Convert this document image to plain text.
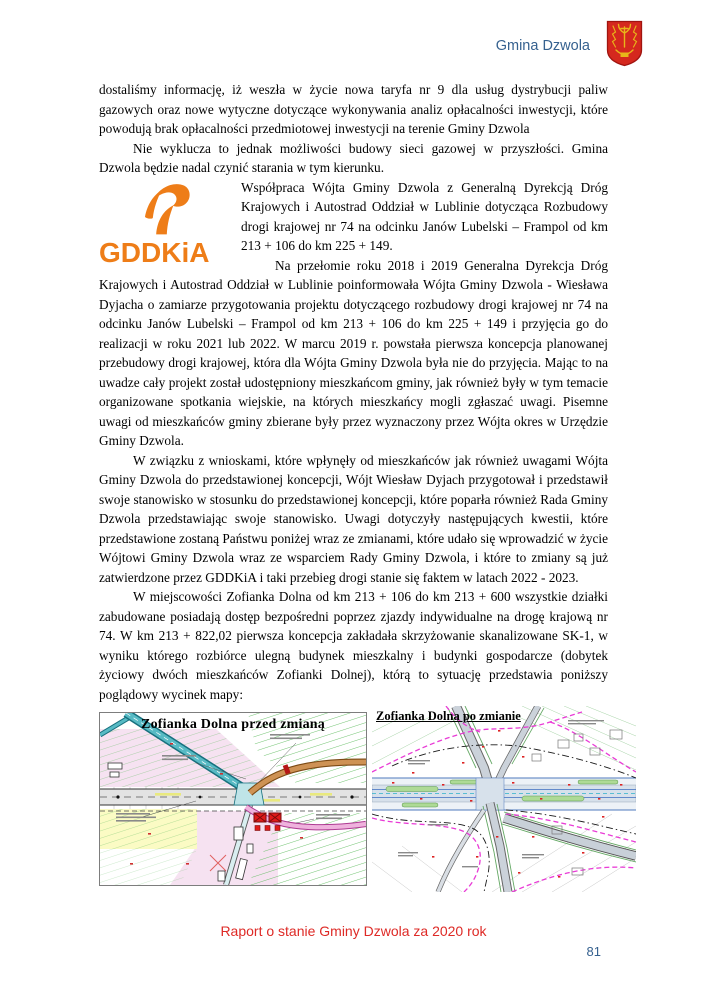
Gmina Dzwola

dostaliśmy informację, iż weszła w życie nowa taryfa nr 9 dla usług dystrybucji paliw gazowych oraz nowe wytyczne dotyczące wykonywania analiz opłacalności inwestycji, które powodują brak opłacalności przedmiotowej inwestycji na terenie Gminy Dzwola

Nie wyklucza to jednak możliwości budowy sieci gazowej w przyszłości. Gmina Dzwola będzie nadal czynić starania w tym kierunku.

GDDKiA

Współpraca Wójta Gminy Dzwola z Generalną Dyrekcją Dróg Krajowych i Autostrad Oddział w Lublinie dotycząca Rozbudowy drogi krajowej nr 74 na odcinku Janów Lubelski – Frampol od km 213 + 106 do km 225 + 149.

Na przełomie roku 2018 i 2019 Generalna Dyrekcja Dróg Krajowych i Autostrad Oddział w Lublinie poinformowała Wójta Gminy Dzwola - Wiesława Dyjacha o zamiarze przygotowania projektu dotyczącego rozbudowy drogi krajowej nr 74 na odcinku Janów Lubelski – Frampol od km 213 + 106 do km 225 + 149 i przyjęcia go do realizacji w roku 2021 lub 2022. W marcu 2019 r. powstała pierwsza koncepcja planowanej przebudowy drogi krajowej, która dla Wójta Gminy Dzwola była nie do przyjęcia. Mając to na uwadze cały projekt został udostępniony mieszkańcom gminy, jak również były w tym temacie organizowane spotkania wiejskie, na których mieszkańcy mogli zgłaszać uwagi. Pisemne uwagi od mieszkańców gminy zbierane były przez wyznaczony przez Wójta okres w Urzędzie Gminy Dzwola.

W związku z wnioskami, które wpłynęły od mieszkańców jak również uwagami Wójta Gminy Dzwola do przedstawionej koncepcji, Wójt Wiesław Dyjach przygotował i przedstawił swoje stanowisko w stosunku do przedstawionej koncepcji, które poparła również Rada Gminy Dzwola przedstawiając swoje stanowisko. Uwagi dotyczyły następujących kwestii, które przedstawione zostaną Państwu poniżej wraz ze zmianami, które udało się wprowadzić w życie Wójtowi Gminy Dzwola wraz ze wsparciem Rady Gminy Dzwola, i które to zmiany są już zatwierdzone przez GDDKiA i taki przebieg drogi stanie się faktem w latach 2022 - 2023.

W miejscowości Zofianka Dolna od km 213 + 106 do km 213 + 600 wszystkie działki zabudowane posiadają dostęp bezpośredni poprzez zjazdy indywidualne na drogę krajową nr 74. W km 213 + 822,02 pierwsza koncepcja zakładała skrzyżowanie skanalizowane SK-1, w wyniku którego rozbiórce ulegną budynek mieszkalny i budynki gospodarcze (dobytek życiowy dwóch mieszkańców Zofianki Dolnej), którą to sytuację przedstawia poniższy poglądowy wycinek mapy:

Zofianka Dolna przed zmianą
Zofianka Dolna po zmianie
Raport o stanie Gminy Dzwola za 2020 rok
81
